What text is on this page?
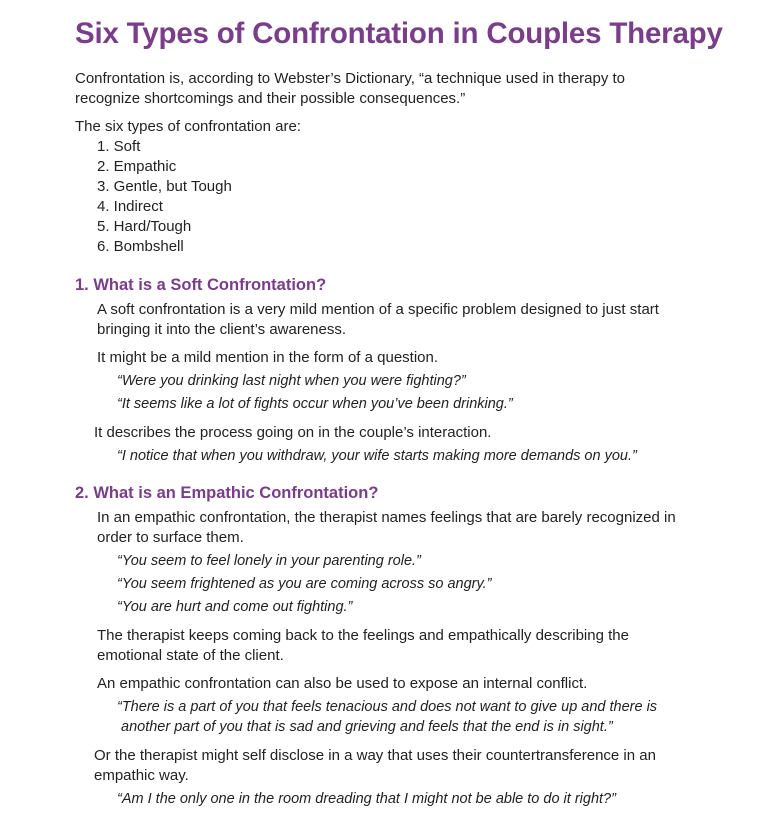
Six Types of Confrontation in Couples Therapy

Confrontation is, according to Webster’s Dictionary, “a technique used in therapy to

recognize shortcomings and their possible consequences.”

The six types of confrontation are:

1. Soft

2. Empathic

3. Gentle, but Tough

4. Indirect

5. Hard/Tough

6. Bombshell

1. What is a Soft Confrontation?

A soft confrontation is a very mild mention of a specific problem designed to just start

bringing it into the client’s awareness.

It might be a mild mention in the form of a question.

“Were you drinking last night when you were fighting?”

“It seems like a lot of fights occur when you’ve been drinking.”

It describes the process going on in the couple’s interaction.

“I notice that when you withdraw, your wife starts making more demands on you.”

2. What is an Empathic Confrontation?

In an empathic confrontation, the therapist names feelings that are barely recognized in

order to surface them.

“You seem to feel lonely in your parenting role.”

“You seem frightened as you are coming across so angry.”

“You are hurt and come out fighting.”

The therapist keeps coming back to the feelings and empathically describing the

emotional state of the client.

An empathic confrontation can also be used to expose an internal conflict.

“There is a part of you that feels tenacious and does not want to give up and there is

another part of you that is sad and grieving and feels that the end is in sight.”

Or the therapist might self disclose in a way that uses their countertransference in an

empathic way.

“Am I the only one in the room dreading that I might not be able to do it right?”
